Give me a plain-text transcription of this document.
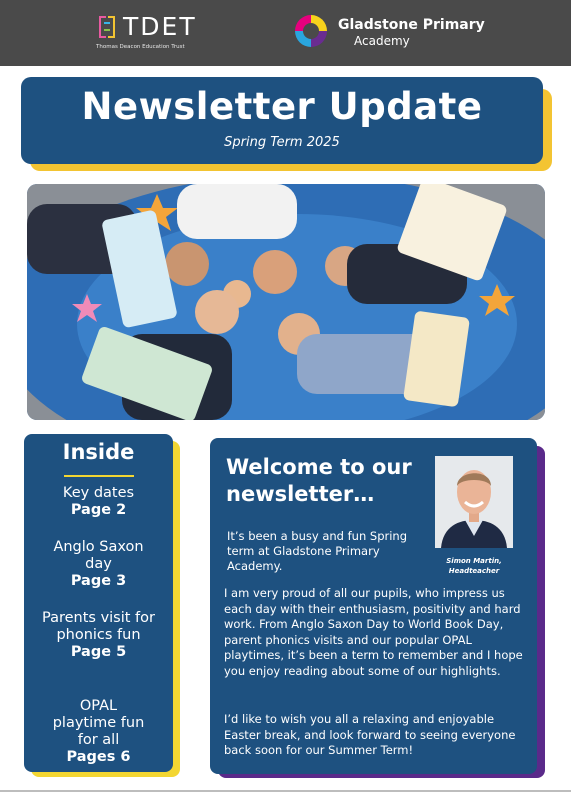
TDET
Thomas Deacon Education Trust
Gladstone Primary
Academy
Newsletter Update
Spring Term 2025
Inside
Key dates
Page 2
Anglo Saxon day
Page 3
Parents visit for phonics fun
Page 5
OPAL playtime fun for all
Pages 6
Welcome to our newsletter…
Simon Martin,
Headteacher
It’s been a busy and fun Spring term at Gladstone Primary Academy.
I am very proud of all our pupils, who impress us each day with their enthusiasm, positivity and hard work. From Anglo Saxon Day to World Book Day, parent phonics visits and our popular OPAL playtimes, it’s been a term to remember and I hope you enjoy reading about some of our highlights.
I’d like to wish you all a relaxing and enjoyable Easter break, and look forward to seeing everyone back soon for our Summer Term!
